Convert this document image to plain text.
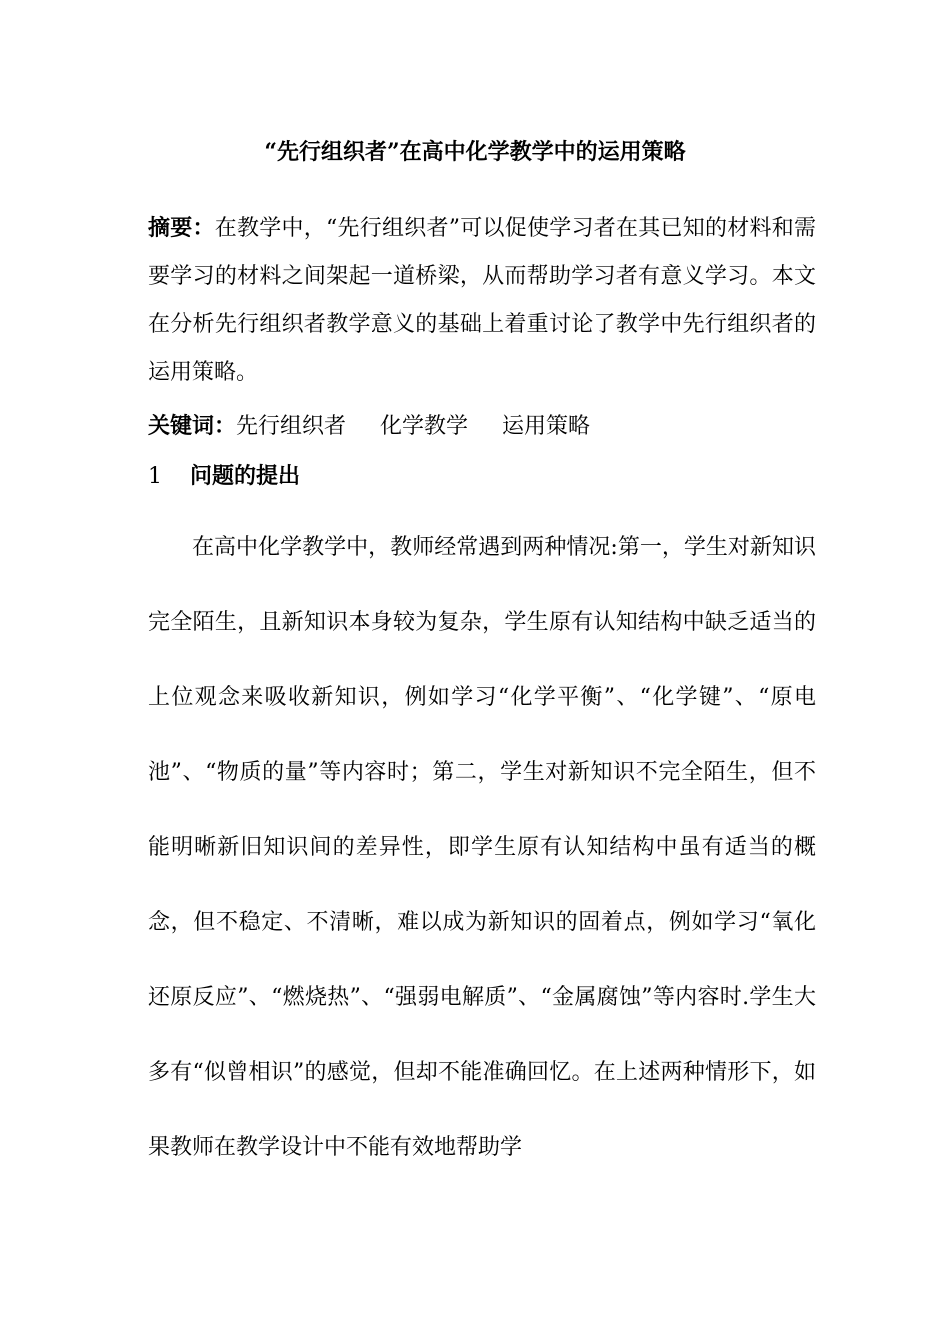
“先行组织者”在高中化学教学中的运用策略
摘要：在教学中，“先行组织者”可以促使学习者在其已知的材料和需要学习的材料之间架起一道桥梁，从而帮助学习者有意义学习。本文在分析先行组织者教学意义的基础上着重讨论了教学中先行组织者的运用策略。
关键词：先行组织者 化学教学 运用策略
1 问题的提出

在高中化学教学中，教师经常遇到两种情况:第一，学生对新知识完全陌生，且新知识本身较为复杂，学生原有认知结构中缺乏适当的上位观念来吸收新知识，例如学习“化学平衡”、“化学键”、“原电池”、“物质的量”等内容时；第二，学生对新知识不完全陌生，但不能明晰新旧知识间的差异性，即学生原有认知结构中虽有适当的概念，但不稳定、不清晰，难以成为新知识的固着点，例如学习“氧化还原反应”、“燃烧热”、“强弱电解质”、“金属腐蚀”等内容时.学生大多有“似曾相识”的感觉，但却不能准确回忆。在上述两种情形下，如果教师在教学设计中不能有效地帮助学
